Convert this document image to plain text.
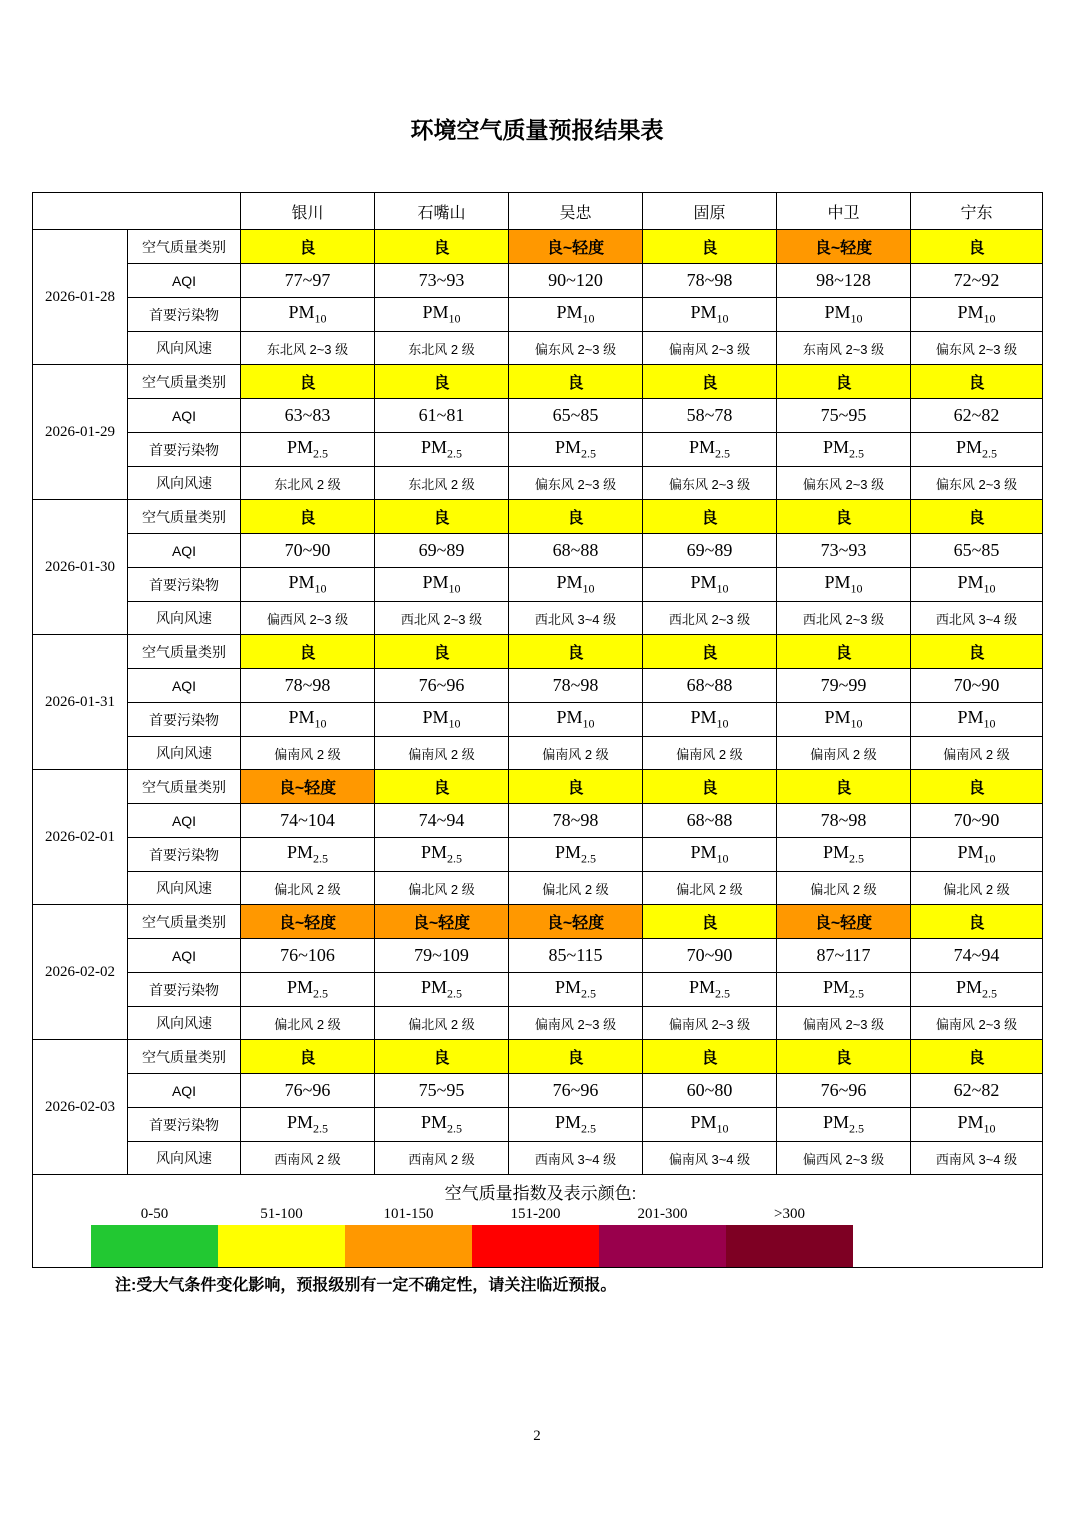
环境空气质量预报结果表
		银川	石嘴山	吴忠	固原	中卫	宁东
2026-01-28	空气质量类别	良	良	良~轻度	良	良~轻度	良
	AQI	77~97	73~93	90~120	78~98	98~128	72~92
	首要污染物	$PM_{10}$	$PM_{10}$	$PM_{10}$	$PM_{10}$	$PM_{10}$	$PM_{10}$
	风向风速	东北风 2~3 级	东北风 2 级	偏东风 2~3 级	偏南风 2~3 级	东南风 2~3 级	偏东风 2~3 级
2026-01-29	空气质量类别	良	良	良	良	良	良
	AQI	63~83	61~81	65~85	58~78	75~95	62~82
	首要污染物	$PM_{2.5}$	$PM_{2.5}$	$PM_{2.5}$	$PM_{2.5}$	$PM_{2.5}$	$PM_{2.5}$
	风向风速	东北风 2 级	东北风 2 级	偏东风 2~3 级	偏东风 2~3 级	偏东风 2~3 级	偏东风 2~3 级
2026-01-30	空气质量类别	良	良	良	良	良	良
	AQI	70~90	69~89	68~88	69~89	73~93	65~85
	首要污染物	$PM_{10}$	$PM_{10}$	$PM_{10}$	$PM_{10}$	$PM_{10}$	$PM_{10}$
	风向风速	偏西风 2~3 级	西北风 2~3 级	西北风 3~4 级	西北风 2~3 级	西北风 2~3 级	西北风 3~4 级
2026-01-31	空气质量类别	良	良	良	良	良	良
	AQI	78~98	76~96	78~98	68~88	79~99	70~90
	首要污染物	$PM_{10}$	$PM_{10}$	$PM_{10}$	$PM_{10}$	$PM_{10}$	$PM_{10}$
	风向风速	偏南风 2 级	偏南风 2 级	偏南风 2 级	偏南风 2 级	偏南风 2 级	偏南风 2 级
2026-02-01	空气质量类别	良~轻度	良	良	良	良	良
	AQI	74~104	74~94	78~98	68~88	78~98	70~90
	首要污染物	$PM_{2.5}$	$PM_{2.5}$	$PM_{2.5}$	$PM_{10}$	$PM_{2.5}$	$PM_{10}$
	风向风速	偏北风 2 级	偏北风 2 级	偏北风 2 级	偏北风 2 级	偏北风 2 级	偏北风 2 级
2026-02-02	空气质量类别	良~轻度	良~轻度	良~轻度	良	良~轻度	良
	AQI	76~106	79~109	85~115	70~90	87~117	74~94
	首要污染物	$PM_{2.5}$	$PM_{2.5}$	$PM_{2.5}$	$PM_{2.5}$	$PM_{2.5}$	$PM_{2.5}$
	风向风速	偏北风 2 级	偏北风 2 级	偏南风 2~3 级	偏南风 2~3 级	偏南风 2~3 级	偏南风 2~3 级
2026-02-03	空气质量类别	良	良	良	良	良	良
	AQI	76~96	75~95	76~96	60~80	76~96	62~82
	首要污染物	$PM_{2.5}$	$PM_{2.5}$	$PM_{2.5}$	$PM_{10}$	$PM_{2.5}$	$PM_{10}$
	风向风速	西南风 2 级	西南风 2 级	西南风 3~4 级	偏南风 3~4 级	偏西风 2~3 级	西南风 3~4 级

空气质量指数及表示颜色:
0-50	51-100	101-150	151-200	201-300	>300
注:受大气条件变化影响，预报级别有一定不确定性，请关注临近预报。
2
